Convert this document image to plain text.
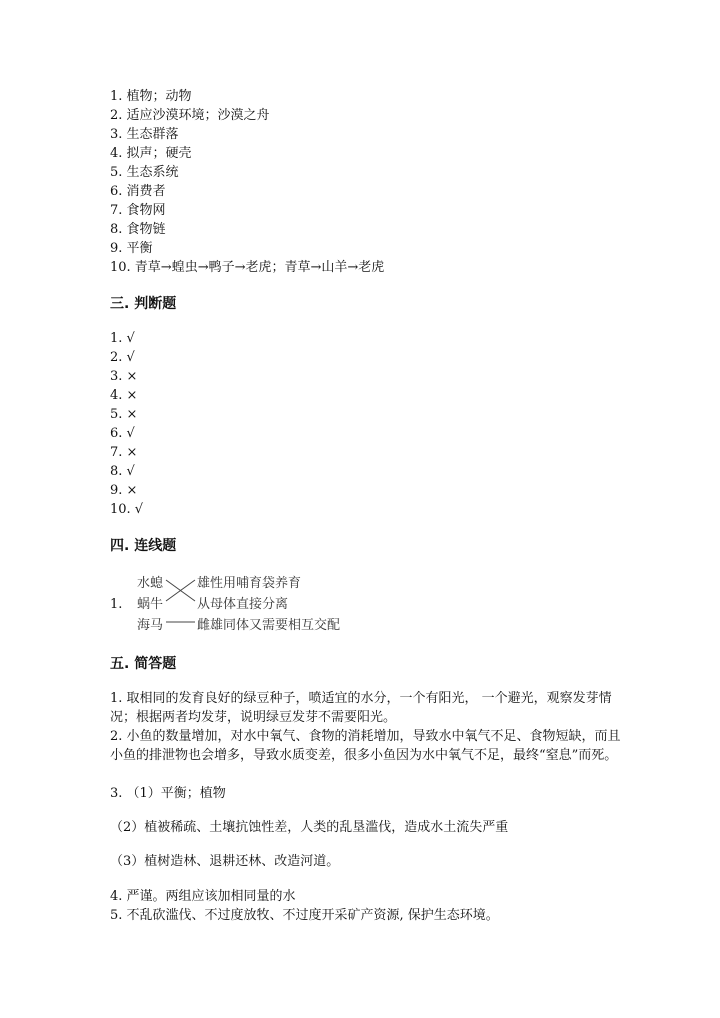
1. 植物；动物
2. 适应沙漠环境；沙漠之舟
3. 生态群落
4. 拟声；硬壳
5. 生态系统
6. 消费者
7. 食物网
8. 食物链
9. 平衡
10. 青草→蝗虫→鸭子→老虎；青草→山羊→老虎
三. 判断题
1. √
2. √
3. ×
4. ×
5. ×
6. √
7. ×
8. √
9. ×
10. √
四. 连线题
1.
水螅
蜗牛
海马
雄性用哺育袋养育
从母体直接分离
雌雄同体又需要相互交配
五. 简答题
1. 取相同的发育良好的绿豆种子，喷适宜的水分，一个有阳光， 一个避光，观察发芽情况；根据两者均发芽，说明绿豆发芽不需要阳光。
2. 小鱼的数量增加，对水中氧气、食物的消耗增加，导致水中氧气不足、食物短缺，而且小鱼的排泄物也会增多，导致水质变差，很多小鱼因为水中氧气不足，最终“窒息”而死。
3. （1）平衡；植物
（2）植被稀疏、土壤抗蚀性差，人类的乱垦滥伐，造成水土流失严重
（3）植树造林、退耕还林、改造河道。
4. 严谨。两组应该加相同量的水
5. 不乱砍滥伐、不过度放牧、不过度开采矿产资源, 保护生态环境。
